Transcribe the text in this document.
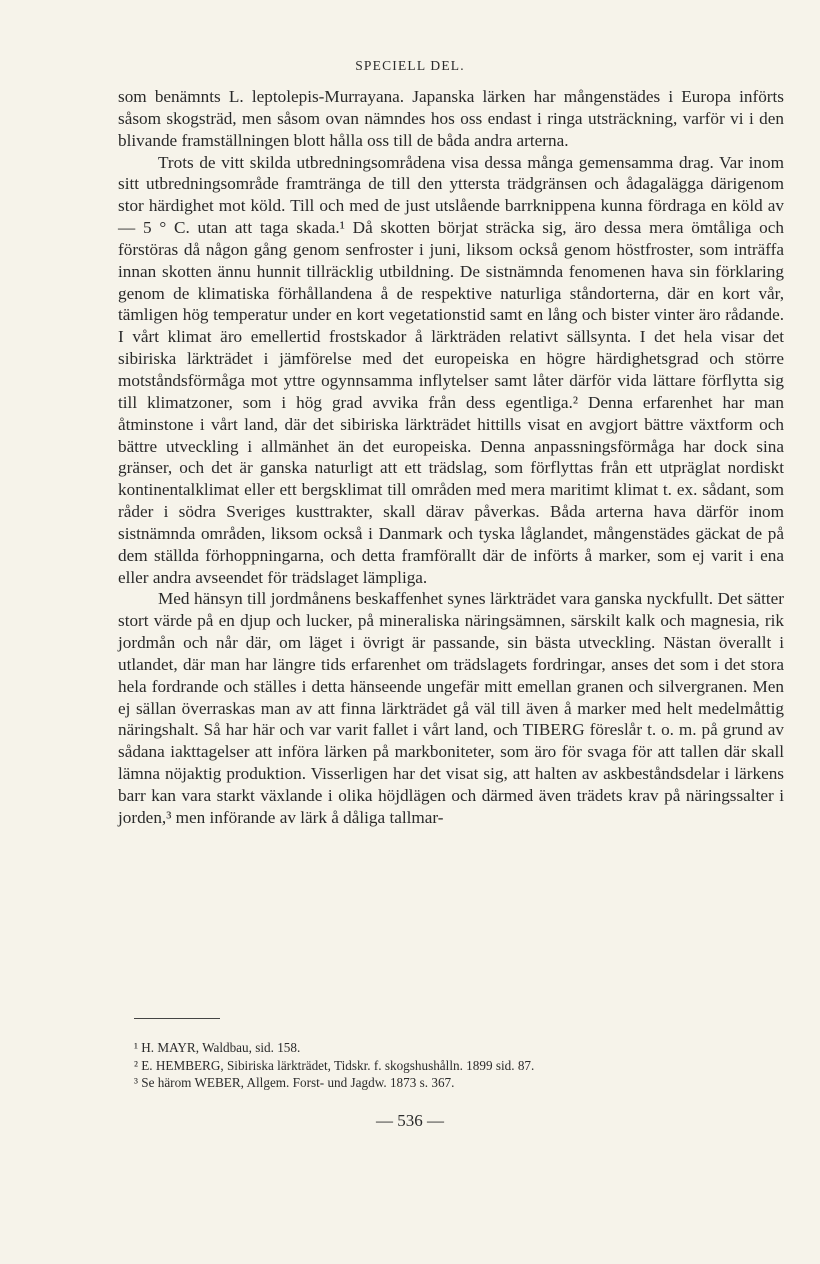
SPECIELL DEL.

som benämnts L. leptolepis-Murrayana. Japanska lärken har mångenstädes i Europa införts såsom skogsträd, men såsom ovan nämndes hos oss endast i ringa utsträckning, varför vi i den blivande framställningen blott hålla oss till de båda andra arterna.

Trots de vitt skilda utbredningsområdena visa dessa många gemensamma drag. Var inom sitt utbredningsområde framtränga de till den yttersta trädgränsen och ådagalägga därigenom stor härdighet mot köld. Till och med de just utslående barrknippena kunna fördraga en köld av — 5 ° C. utan att taga skada.¹ Då skotten börjat sträcka sig, äro dessa mera ömtåliga och förstöras då någon gång genom senfroster i juni, liksom också genom höstfroster, som inträffa innan skotten ännu hunnit tillräcklig utbildning. De sistnämnda fenomenen hava sin förklaring genom de klimatiska förhållandena å de respektive naturliga ståndorterna, där en kort vår, tämligen hög temperatur under en kort vegetationstid samt en lång och bister vinter äro rådande. I vårt klimat äro emellertid frostskador å lärkträden relativt sällsynta. I det hela visar det sibiriska lärkträdet i jämförelse med det europeiska en högre härdighetsgrad och större motståndsförmåga mot yttre ogynnsamma inflytelser samt låter därför vida lättare förflytta sig till klimatzoner, som i hög grad avvika från dess egentliga.² Denna erfarenhet har man åtminstone i vårt land, där det sibiriska lärkträdet hittills visat en avgjort bättre växtform och bättre utveckling i allmänhet än det europeiska. Denna anpassningsförmåga har dock sina gränser, och det är ganska naturligt att ett trädslag, som förflyttas från ett utpräglat nordiskt kontinentalklimat eller ett bergsklimat till områden med mera maritimt klimat t. ex. sådant, som råder i södra Sveriges kusttrakter, skall därav påverkas. Båda arterna hava därför inom sistnämnda områden, liksom också i Danmark och tyska låglandet, mångenstädes gäckat de på dem ställda förhoppningarna, och detta framförallt där de införts å marker, som ej varit i ena eller andra avseendet för trädslaget lämpliga.

Med hänsyn till jordmånens beskaffenhet synes lärkträdet vara ganska nyckfullt. Det sätter stort värde på en djup och lucker, på mineraliska näringsämnen, särskilt kalk och magnesia, rik jordmån och når där, om läget i övrigt är passande, sin bästa utveckling. Nästan överallt i utlandet, där man har längre tids erfarenhet om trädslagets fordringar, anses det som i det stora hela fordrande och ställes i detta hänseende ungefär mitt emellan granen och silvergranen. Men ej sällan överraskas man av att finna lärkträdet gå väl till även å marker med helt medelmåttig näringshalt. Så har här och var varit fallet i vårt land, och TIBERG föreslår t. o. m. på grund av sådana iakttagelser att införa lärken på markboniteter, som äro för svaga för att tallen där skall lämna nöjaktig produktion. Visserligen har det visat sig, att halten av askbeståndsdelar i lärkens barr kan vara starkt växlande i olika höjdlägen och därmed även trädets krav på näringssalter i jorden,³ men införande av lärk å dåliga tallmar-

¹ H. MAYR, Waldbau, sid. 158.

² E. HEMBERG, Sibiriska lärkträdet, Tidskr. f. skogshushålln. 1899 sid. 87.

³ Se härom WEBER, Allgem. Forst- und Jagdw. 1873 s. 367.

— 536 —
